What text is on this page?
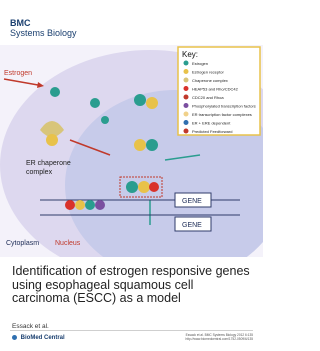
BMC
Systems Biology
Estrogen
ER chaperone complex
GENE
GENE
Cytoplasm Nucleus
Key:
Estrogen
Estrogen receptor
Chaperone complex
HEAP53 and Rho/CDC42
CDC20 and Rhoa
Phosphorylated transcription factors
ER transcription factor complexes
ER + ERE dependent
Predicted Feedforward
Identification of estrogen responsive genes using esophageal squamous cell carcinoma (ESCC) as a model
Essack et al.
BioMed Central
Essack et al. BMC Systems Biology 2012 6:135 http://www.biomedcentral.com/1752-0509/6/135
